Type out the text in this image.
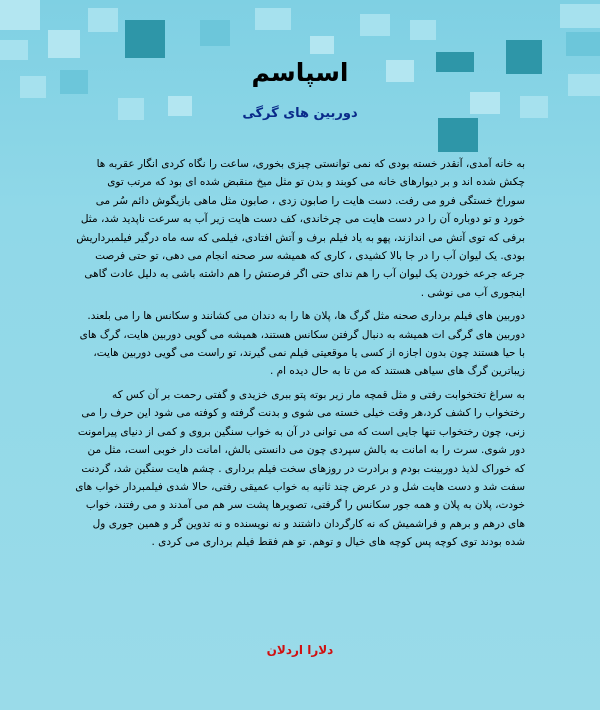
اسپاسم
دوربین های گرگی

به خانه آمدی، آنقدر خسته بودی که نمی توانستی چیزی بخوری، ساعت را نگاه کردی انگار عقربه ها چکش شده اند و بر دیوارهای خانه می کوبند و بدن تو مثل میخ منقبض شده ای بود که مرتب توی سوراخ خستگی فرو می رفت. دست هایت را صابون زدی ، صابون مثل ماهی بازیگوش دائم سُر می خورد و تو دوباره آن را در دست هایت می چرخاندی، کف دست هایت زیر آب به سرعت ناپدید شد، مثل برفی که توی آتش می اندازند، پهو به یاد فیلم برف و آتش افتادی، فیلمی که سه ماه درگیر فیلمبرداریش بودی. یک لیوان آب را در جا بالا کشیدی ، کاری که همیشه سر صحنه انجام می دهی، تو حتی فرصت جرعه جرعه خوردن یک لیوان آب را هم ندای حتی اگر فرصتش را هم داشته باشی به دلیل عادت گاهی اینجوری آب می نوشی .

دوربین های فیلم برداری صحنه مثل گرگ ها، پلان ها را به دندان می کشانند و سکانس ها را می بلعند. دوربین های گرگی ات همیشه به دنبال گرفتن سکانس هستند، همیشه می گویی دوربین هایت، گرگ های با حیا هستند چون بدون اجازه از کسی یا موقعیتی فیلم نمی گیرند، تو راست می گویی دوربین هایت، زیباترین گرگ های سیاهی هستند که من تا به حال دیده ام .

به سراغ تختخوابت رفتی و مثل قمچه مار زیر بوته پتو ببری خزیدی و گفتی رحمت بر آن کس که رختخواب را کشف کرد،هر وقت خیلی خسته می شوی و بدنت گرفته و کوفته می شود این حرف را می زنی، چون رختخواب تنها جایی است که می توانی در آن به خواب سنگین بروی و کمی از دنیای پیرامونت دور شوی. سرت را به امانت به بالش سپردی چون می دانستی بالش، امانت دار خوبی است، مثل من که خوراک لذیذ دوربینت بودم و برادرت در روزهای سخت فیلم برداری . چشم هایت سنگین شد، گردنت سفت شد و دست هایت شل و در عرض چند ثانیه به خواب عمیقی رفتی، حالا شدی فیلمبردار خواب های خودت، پلان به پلان و همه جور سکانس را گرفتی، تصویرها پشت سر هم می آمدند و می رفتند، خواب های درهم و برهم و فراشمیش که نه کارگردان داشتند و نه نویسنده و نه تدوین گر و همین جوری ول شده بودند توی کوچه پس کوچه های خیال و توهم. تو هم فقط فیلم برداری می کردی .

دلارا اردلان
